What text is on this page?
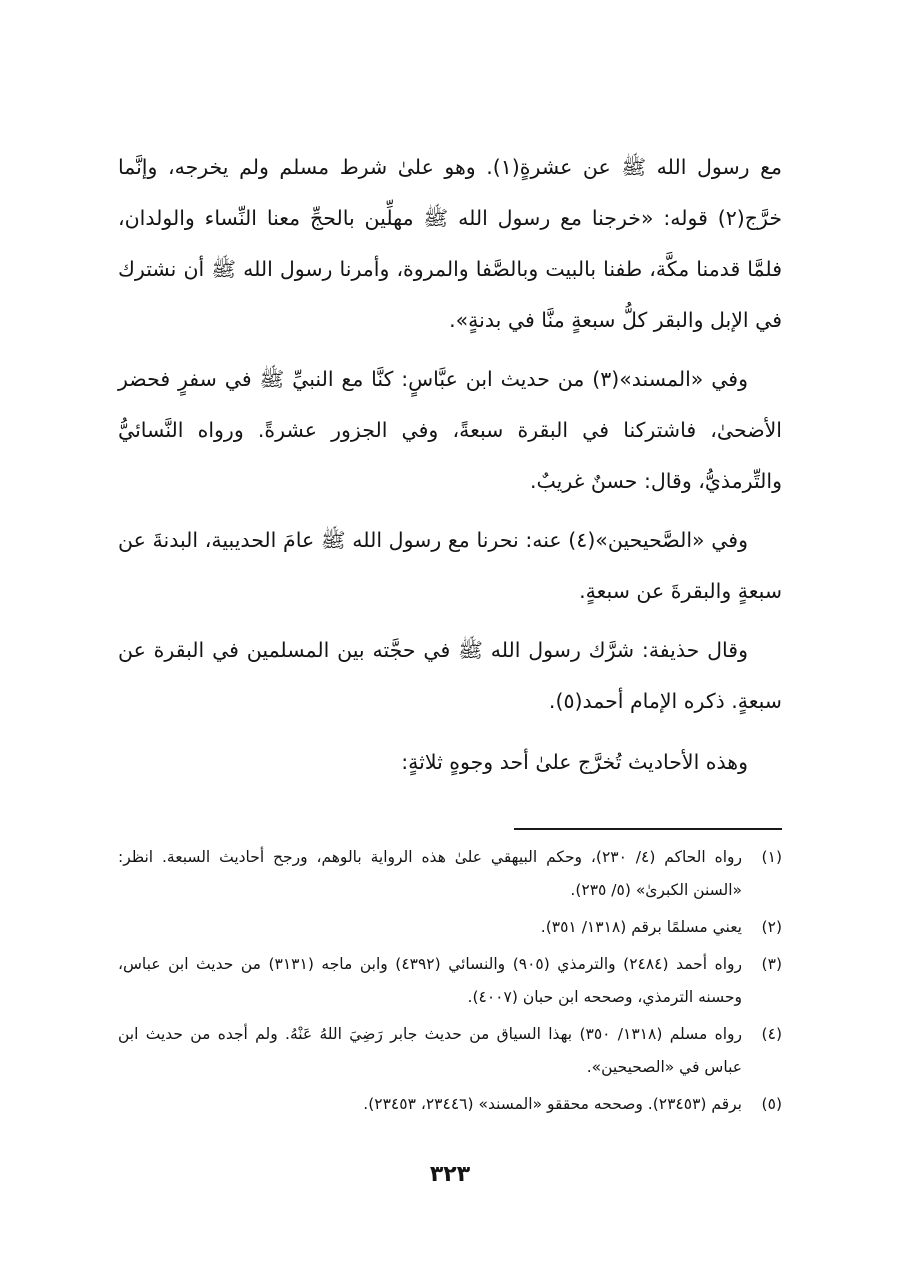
مع رسول الله ﷺ عن عشرةٍ(١). وهو علىٰ شرط مسلم ولم يخرجه، وإنَّما خرَّج(٢) قوله: «خرجنا مع رسول الله ﷺ مهلِّين بالحجِّ معنا النِّساء والولدان، فلمَّا قدمنا مكَّة، طفنا بالبيت وبالصَّفا والمروة، وأمرنا رسول الله ﷺ أن نشترك في الإبل والبقر كلُّ سبعةٍ منَّا في بدنةٍ».

وفي «المسند»(٣) من حديث ابن عبَّاسٍ: كنَّا مع النبيِّ ﷺ في سفرٍ فحضر الأضحىٰ، فاشتركنا في البقرة سبعةً، وفي الجزور عشرةً. ورواه النَّسائيُّ والتِّرمذيُّ، وقال: حسنٌ غريبٌ.

وفي «الصَّحيحين»(٤) عنه: نحرنا مع رسول الله ﷺ عامَ الحديبية، البدنةَ عن سبعةٍ والبقرةَ عن سبعةٍ.

وقال حذيفة: شرَّك رسول الله ﷺ في حجَّته بين المسلمين في البقرة عن سبعةٍ. ذكره الإمام أحمد(٥).

وهذه الأحاديث تُخرَّج علىٰ أحد وجوهٍ ثلاثةٍ:

(١)
رواه الحاكم (٤/ ٢٣٠)، وحكم البيهقي علىٰ هذه الرواية بالوهم، ورجح أحاديث السبعة. انظر: «السنن الكبرىٰ» (٥/ ٢٣٥).
(٢)
يعني مسلمًا برقم (١٣١٨/ ٣٥١).
(٣)
رواه أحمد (٢٤٨٤) والترمذي (٩٠٥) والنسائي (٤٣٩٢) وابن ماجه (٣١٣١) من حديث ابن عباس، وحسنه الترمذي، وصححه ابن حبان (٤٠٠٧).
(٤)
رواه مسلم (١٣١٨/ ٣٥٠) بهذا السياق من حديث جابر رَضِيَ اللهُ عَنْهُ. ولم أجده من حديث ابن عباس في «الصحيحين».
(٥)
برقم (٢٣٤٥٣). وصححه محققو «المسند» (٢٣٤٤٦، ٢٣٤٥٣).
٣٢٣
